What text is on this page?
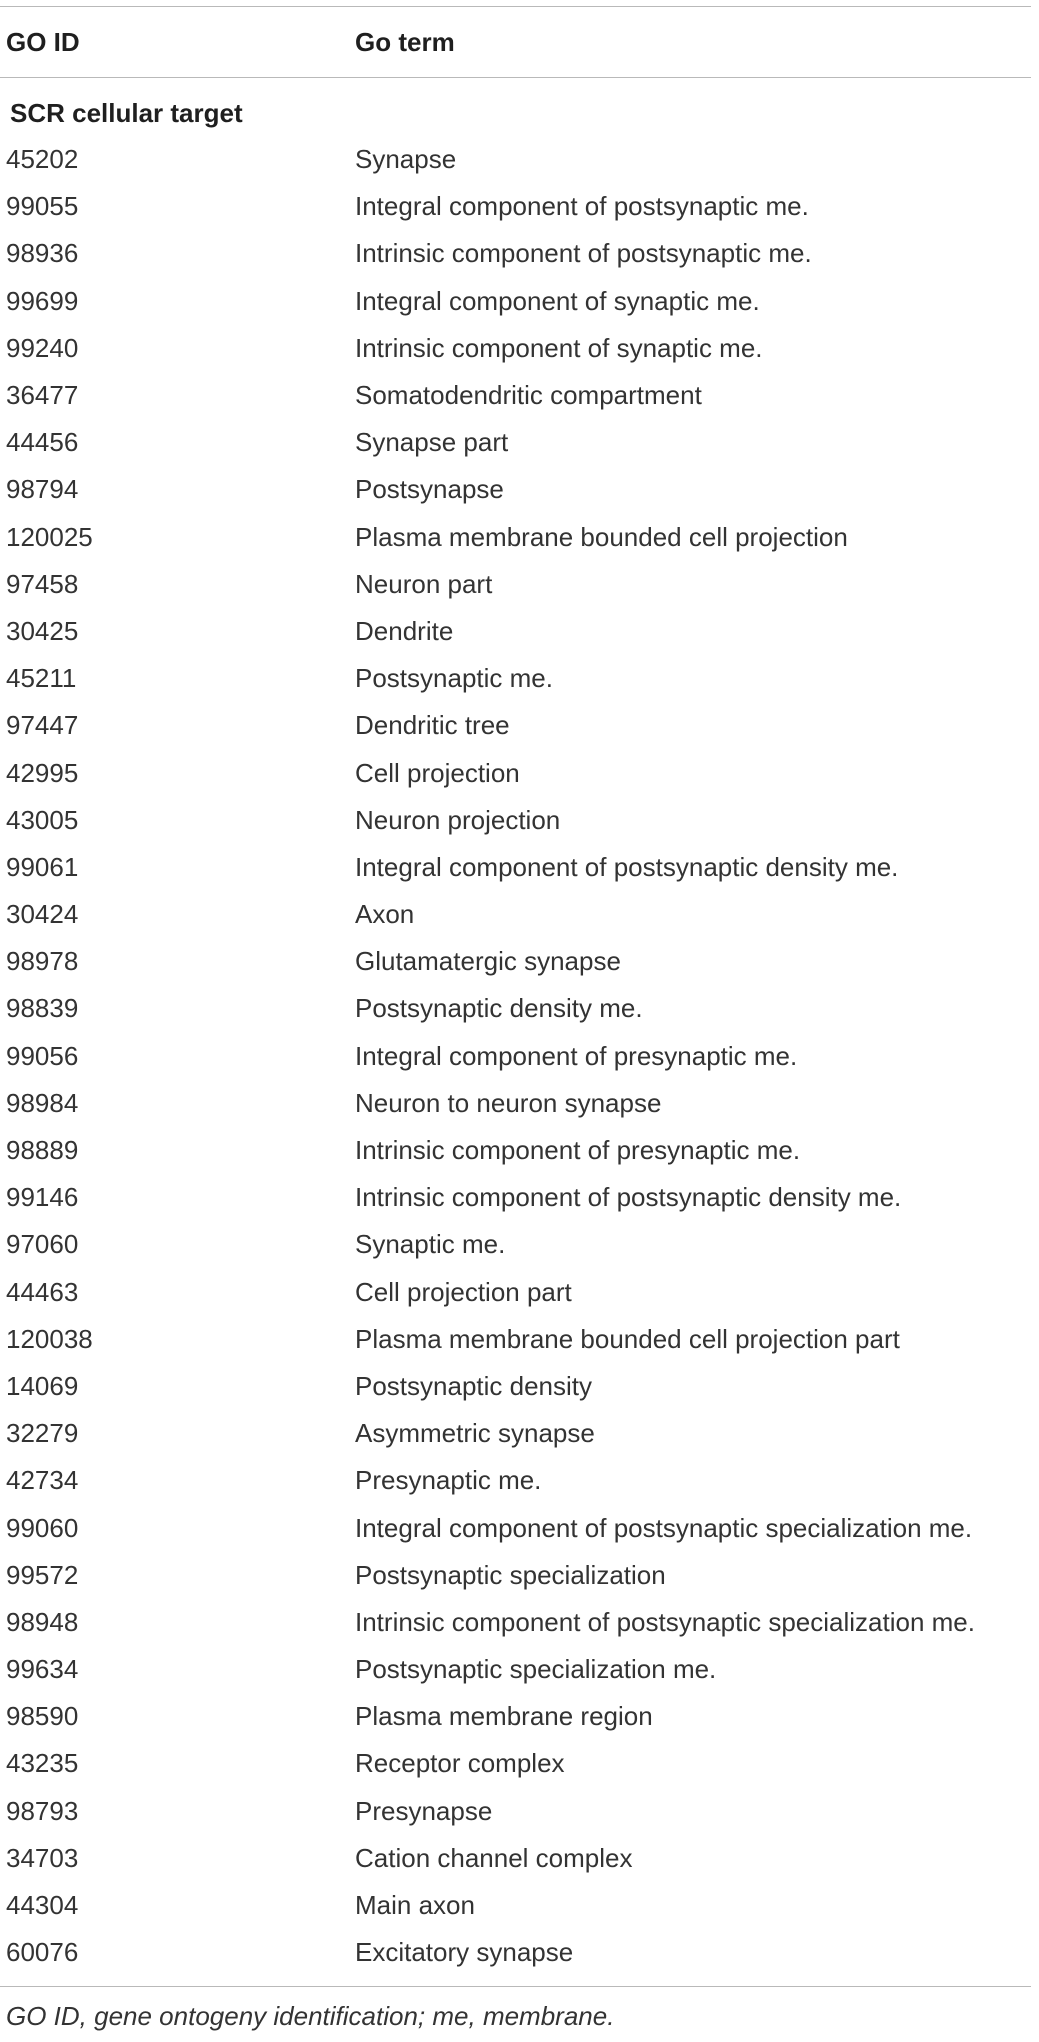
GO ID	Go term
SCR cellular target
45202	Synapse
99055	Integral component of postsynaptic me.
98936	Intrinsic component of postsynaptic me.
99699	Integral component of synaptic me.
99240	Intrinsic component of synaptic me.
36477	Somatodendritic compartment
44456	Synapse part
98794	Postsynapse
120025	Plasma membrane bounded cell projection
97458	Neuron part
30425	Dendrite
45211	Postsynaptic me.
97447	Dendritic tree
42995	Cell projection
43005	Neuron projection
99061	Integral component of postsynaptic density me.
30424	Axon
98978	Glutamatergic synapse
98839	Postsynaptic density me.
99056	Integral component of presynaptic me.
98984	Neuron to neuron synapse
98889	Intrinsic component of presynaptic me.
99146	Intrinsic component of postsynaptic density me.
97060	Synaptic me.
44463	Cell projection part
120038	Plasma membrane bounded cell projection part
14069	Postsynaptic density
32279	Asymmetric synapse
42734	Presynaptic me.
99060	Integral component of postsynaptic specialization me.
99572	Postsynaptic specialization
98948	Intrinsic component of postsynaptic specialization me.
99634	Postsynaptic specialization me.
98590	Plasma membrane region
43235	Receptor complex
98793	Presynapse
34703	Cation channel complex
44304	Main axon
60076	Excitatory synapse
GO ID, gene ontogeny identification; me, membrane.
